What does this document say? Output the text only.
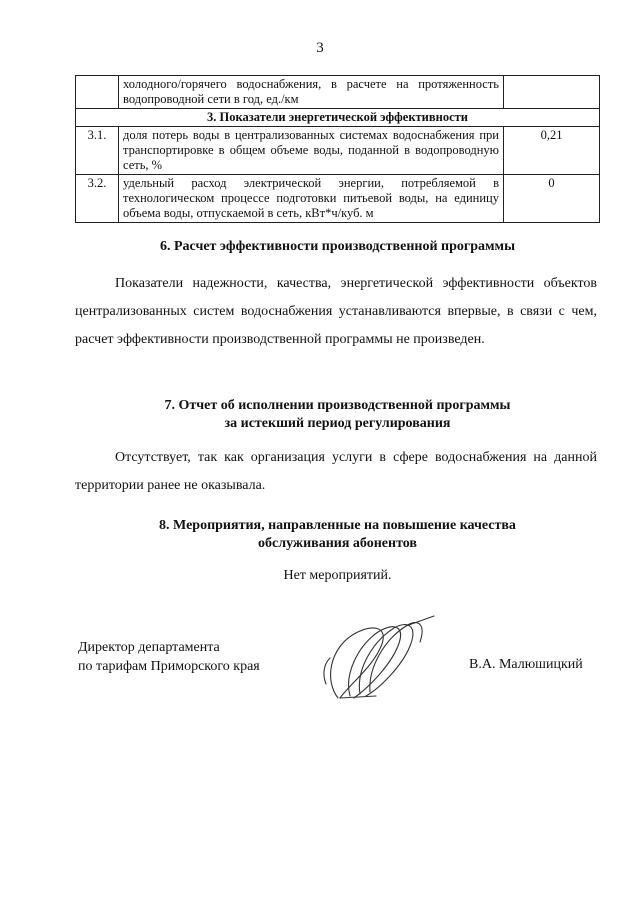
3
	холодного/горячего водоснабжения, в расчете на протяженность водопроводной сети в год, ед./км	
3. Показатели энергетической эффективности		
3.1.	доля потерь воды в централизованных системах водоснабжения при транспортировке в общем объеме воды, поданной в водопроводную сеть, %	0,21
3.2.	удельный расход электрической энергии, потребляемой в технологическом процессе подготовки питьевой воды, на единицу объема воды, отпускаемой в сеть, кВт*ч/куб. м	0
6. Расчет эффективности производственной программы
Показатели надежности, качества, энергетической эффективности объектов централизованных систем водоснабжения устанавливаются впервые, в связи с чем, расчет эффективности производственной программы не произведен.
7. Отчет об исполнении производственной программы
за истекший период регулирования
Отсутствует, так как организация услуги в сфере водоснабжения на данной территории ранее не оказывала.
8. Мероприятия, направленные на повышение качества
обслуживания абонентов
Нет мероприятий.
Директор департамента
по тарифам Приморского края	В.А. Малюшицкий
